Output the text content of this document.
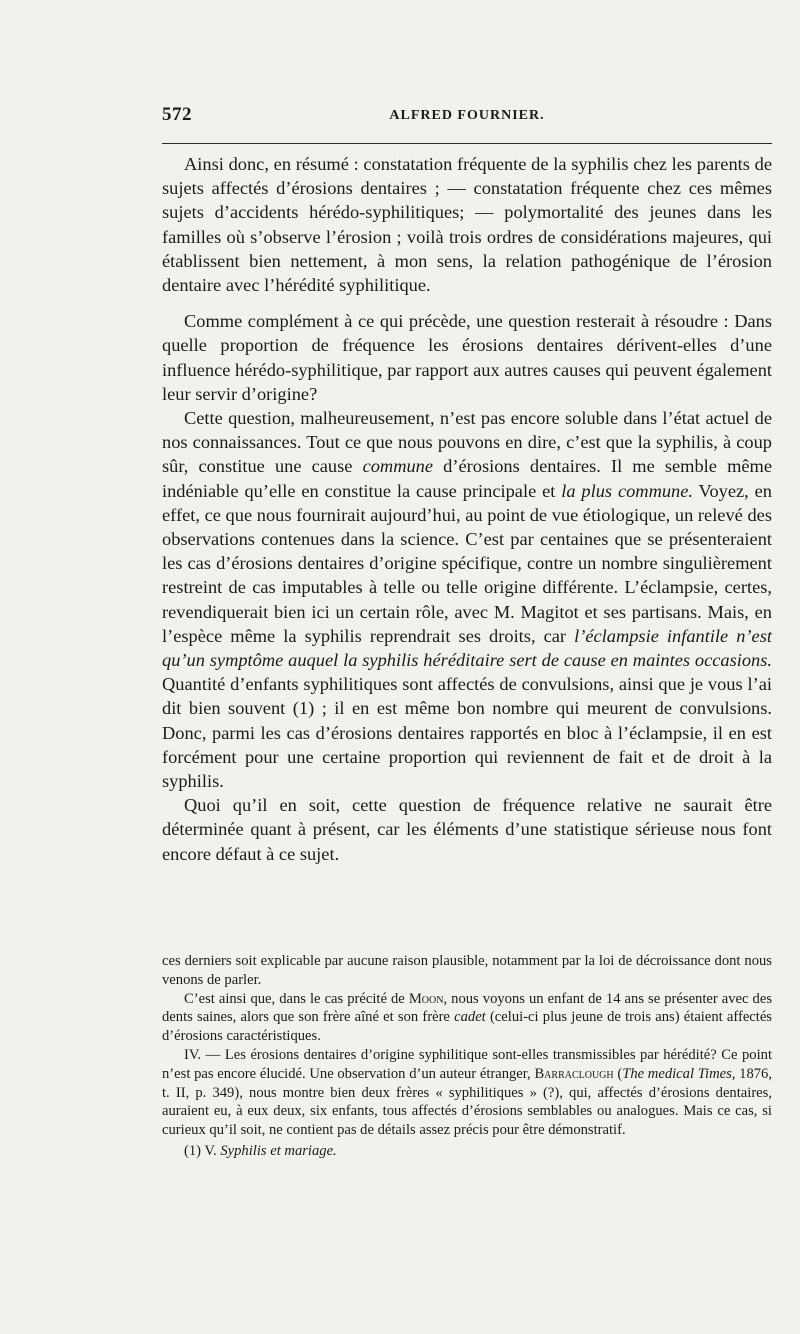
572	ALFRED FOURNIER.

Ainsi donc, en résumé : constatation fréquente de la syphilis chez les parents de sujets affectés d’érosions dentaires ; — constatation fréquente chez ces mêmes sujets d’accidents hérédo-syphilitiques; — polymortalité des jeunes dans les familles où s’observe l’érosion ; voilà trois ordres de considérations majeures, qui établissent bien nettement, à mon sens, la relation pathogénique de l’érosion dentaire avec l’hérédité syphilitique.

Comme complément à ce qui précède, une question resterait à résoudre : Dans quelle proportion de fréquence les érosions dentaires dérivent-elles d’une influence hérédo-syphilitique, par rapport aux autres causes qui peuvent également leur servir d’origine?

Cette question, malheureusement, n’est pas encore soluble dans l’état actuel de nos connaissances. Tout ce que nous pouvons en dire, c’est que la syphilis, à coup sûr, constitue une cause commune d’érosions dentaires. Il me semble même indéniable qu’elle en constitue la cause principale et la plus commune. Voyez, en effet, ce que nous fournirait aujourd’hui, au point de vue étiologique, un relevé des observations contenues dans la science. C’est par centaines que se présenteraient les cas d’érosions dentaires d’origine spécifique, contre un nombre singulièrement restreint de cas imputables à telle ou telle origine différente. L’éclampsie, certes, revendiquerait bien ici un certain rôle, avec M. Magitot et ses partisans. Mais, en l’espèce même la syphilis reprendrait ses droits, car l’éclampsie infantile n’est qu’un symptôme auquel la syphilis héréditaire sert de cause en maintes occasions. Quantité d’enfants syphilitiques sont affectés de convulsions, ainsi que je vous l’ai dit bien souvent (1) ; il en est même bon nombre qui meurent de convulsions. Donc, parmi les cas d’érosions dentaires rapportés en bloc à l’éclampsie, il en est forcément pour une certaine proportion qui reviennent de fait et de droit à la syphilis.

Quoi qu’il en soit, cette question de fréquence relative ne saurait être déterminée quant à présent, car les éléments d’une statistique sérieuse nous font encore défaut à ce sujet.

ces derniers soit explicable par aucune raison plausible, notamment par la loi de décroissance dont nous venons de parler.

C’est ainsi que, dans le cas précité de Moon, nous voyons un enfant de 14 ans se présenter avec des dents saines, alors que son frère aîné et son frère cadet (celui-ci plus jeune de trois ans) étaient affectés d’érosions caractéristiques.

IV. — Les érosions dentaires d’origine syphilitique sont-elles transmissibles par hérédité? Ce point n’est pas encore élucidé. Une observation d’un auteur étranger, Barraclough (The medical Times, 1876, t. II, p. 349), nous montre bien deux frères « syphilitiques » (?), qui, affectés d’érosions dentaires, auraient eu, à eux deux, six enfants, tous affectés d’érosions semblables ou analogues. Mais ce cas, si curieux qu’il soit, ne contient pas de détails assez précis pour être démonstratif.

(1) V. Syphilis et mariage.
